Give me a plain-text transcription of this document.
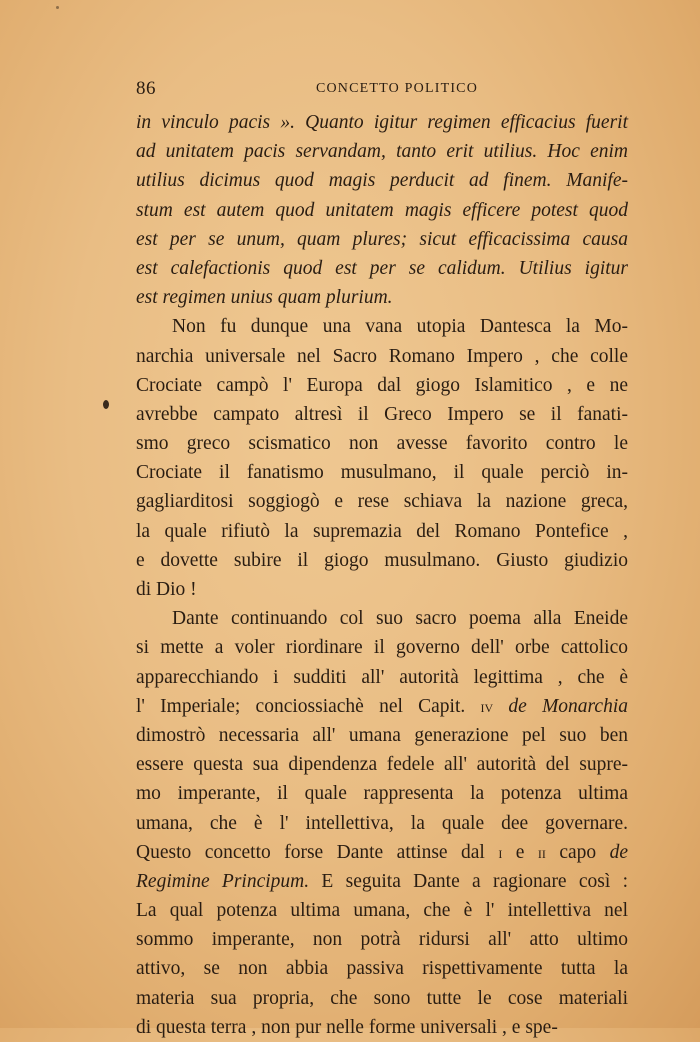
86	CONCETTO POLITICO
in vinculo pacis ». Quanto igitur regimen efficacius fuerit
ad unitatem pacis servandam, tanto erit utilius. Hoc enim
utilius dicimus quod magis perducit ad finem. Manife-
stum est autem quod unitatem magis efficere potest quod
est per se unum, quam plures; sicut efficacissima causa
est calefactionis quod est per se calidum. Utilius igitur
est regimen unius quam plurium.
Non fu dunque una vana utopia Dantesca la Mo-
narchia universale nel Sacro Romano Impero , che colle
Crociate campò l' Europa dal giogo Islamitico , e ne
avrebbe campato altresì il Greco Impero se il fanati-
smo greco scismatico non avesse favorito contro le
Crociate il fanatismo musulmano, il quale perciò in-
gagliarditosi soggiogò e rese schiava la nazione greca,
la quale rifiutò la supremazia del Romano Pontefice ,
e dovette subire il giogo musulmano. Giusto giudizio
di Dio !
Dante continuando col suo sacro poema alla Eneide
si mette a voler riordinare il governo dell' orbe cattolico
apparecchiando i sudditi all' autorità legittima , che è
l' Imperiale; conciossiachè nel Capit. iv de Monarchia
dimostrò necessaria all' umana generazione pel suo ben
essere questa sua dipendenza fedele all' autorità del supre-
mo imperante, il quale rappresenta la potenza ultima
umana, che è l' intellettiva, la quale dee governare.
Questo concetto forse Dante attinse dal i e ii capo de
Regimine Principum. E seguita Dante a ragionare così :
La qual potenza ultima umana, che è l' intellettiva nel
sommo imperante, non potrà ridursi all' atto ultimo
attivo, se non abbia passiva rispettivamente tutta la
materia sua propria, che sono tutte le cose materiali
di questa terra , non pur nelle forme universali , e spe-
